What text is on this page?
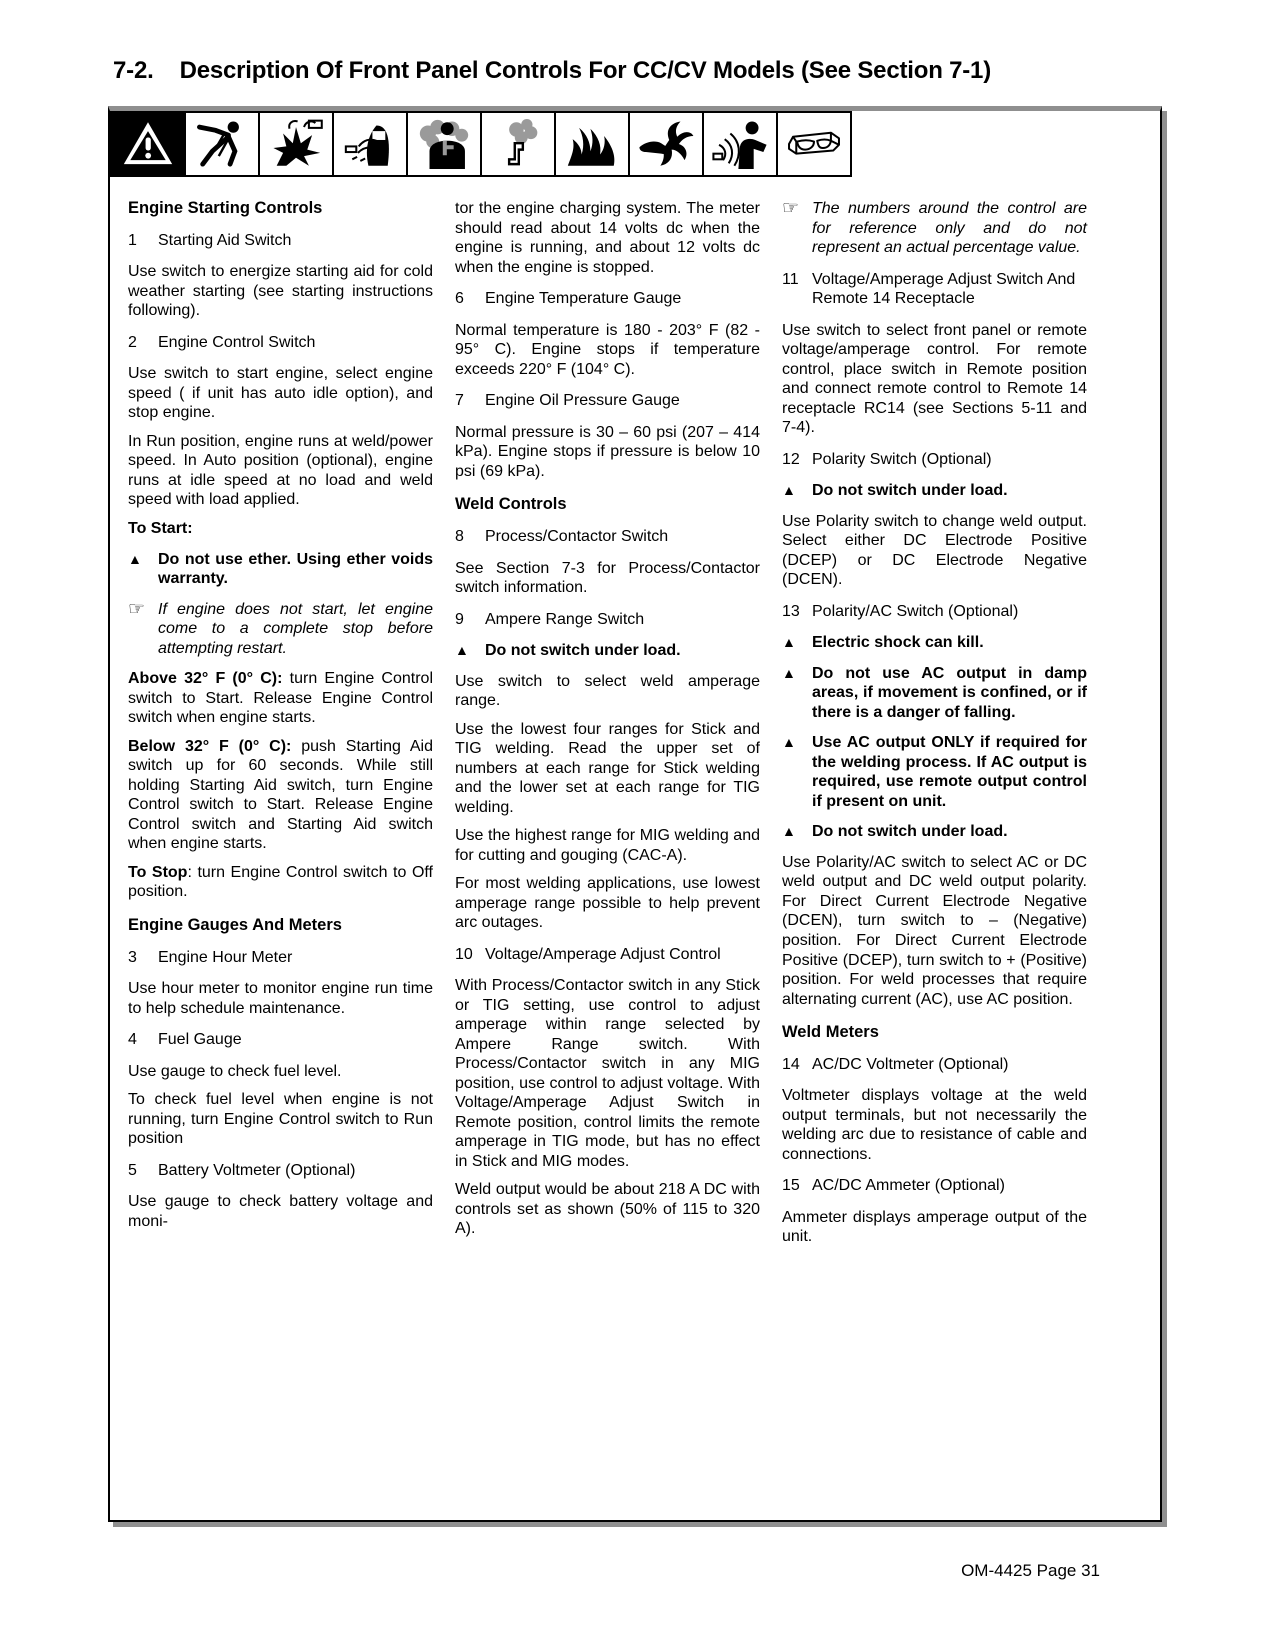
7-2. Description Of Front Panel Controls For CC/CV Models (See Section 7-1)
Engine Starting Controls
1	Starting Aid Switch

Use switch to energize starting aid for cold weather starting (see starting instructions following).

2	Engine Control Switch

Use switch to start engine, select engine speed ( if unit has auto idle option), and stop engine.

In Run position, engine runs at weld/power speed. In Auto position (optional), engine runs at idle speed at no load and weld speed with load applied.

To Start:

▲	Do not use ether. Using ether voids warranty.
☞ If engine does not start, let engine come to a complete stop before attempting restart.

Above 32° F (0° C): turn Engine Control switch to Start. Release Engine Control switch when engine starts.

Below 32° F (0° C): push Starting Aid switch up for 60 seconds. While still holding Starting Aid switch, turn Engine Control switch to Start. Release Engine Control switch and Starting Aid switch when engine starts.

To Stop: turn Engine Control switch to Off position.

Engine Gauges And Meters
3	Engine Hour Meter

Use hour meter to monitor engine run time to help schedule maintenance.

4	Fuel Gauge

Use gauge to check fuel level.

To check fuel level when engine is not running, turn Engine Control switch to Run position

5	Battery Voltmeter (Optional)

Use gauge to check battery voltage and moni-

tor the engine charging system. The meter should read about 14 volts dc when the engine is running, and about 12 volts dc when the engine is stopped.

6	Engine Temperature Gauge

Normal temperature is 180 - 203° F (82 - 95° C). Engine stops if temperature exceeds 220° F (104° C).

7	Engine Oil Pressure Gauge

Normal pressure is 30 – 60 psi (207 – 414 kPa). Engine stops if pressure is below 10 psi (69 kPa).

Weld Controls
8	Process/Contactor Switch

See Section 7-3 for Process/Contactor switch information.

9	Ampere Range Switch
▲	Do not switch under load.

Use switch to select weld amperage range.

Use the lowest four ranges for Stick and TIG welding. Read the upper set of numbers at each range for Stick welding and the lower set at each range for TIG welding.

Use the highest range for MIG welding and for cutting and gouging (CAC-A).

For most welding applications, use lowest amperage range possible to help prevent arc outages.

10 Voltage/Amperage Adjust Control

With Process/Contactor switch in any Stick or TIG setting, use control to adjust amperage within range selected by Ampere Range switch. With Process/Contactor switch in any MIG position, use control to adjust voltage. With Voltage/Amperage Adjust Switch in Remote position, control limits the remote amperage in TIG mode, but has no effect in Stick and MIG modes.

Weld output would be about 218 A DC with controls set as shown (50% of 115 to 320 A).

☞ The numbers around the control are for reference only and do not represent an actual percentage value.
11 Voltage/Amperage Adjust Switch And Remote 14 Receptacle

Use switch to select front panel or remote voltage/amperage control. For remote control, place switch in Remote position and connect remote control to Remote 14 receptacle RC14 (see Sections 5-11 and 7-4).

12 Polarity Switch (Optional)
▲	Do not switch under load.

Use Polarity switch to change weld output. Select either DC Electrode Positive (DCEP) or DC Electrode Negative (DCEN).

13 Polarity/AC Switch (Optional)
▲	Electric shock can kill.
▲	Do not use AC output in damp areas, if movement is confined, or if there is a danger of falling.
▲	Use AC output ONLY if required for the welding process. If AC output is required, use remote output control if present on unit.
▲	Do not switch under load.

Use Polarity/AC switch to select AC or DC weld output and DC weld output polarity. For Direct Current Electrode Negative (DCEN), turn switch to – (Negative) position. For Direct Current Electrode Positive (DCEP), turn switch to + (Positive) position. For weld processes that require alternating current (AC), use AC position.

Weld Meters
14 AC/DC Voltmeter (Optional)

Voltmeter displays voltage at the weld output terminals, but not necessarily the welding arc due to resistance of cable and connections.

15 AC/DC Ammeter (Optional)

Ammeter displays amperage output of the unit.

OM-4425 Page 31
